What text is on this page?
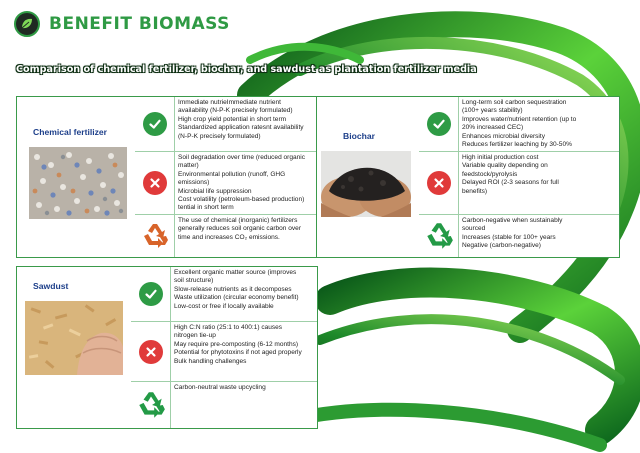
BENEFIT BIOMASS
Comparison of chemical fertilizer, biochar, and sawdust as plantation fertilizer media
Chemical fertilizer
Immediate nutrieImmediate nutrient
availability (N-P-K precisely formulated)
High crop yield potential in short term
Standardized application ratesnt availability
(N-P-K precisely formulated)
Soil degradation over time (reduced organic
matter)
Environmental pollution (runoff, GHG
emissions)
Microbial life suppression
Cost volatility (petroleum-based production)
tential in short term
The use of chemical (inorganic) fertilizers
generally reduces soil organic carbon over
time and increases CO₂ emissions.
Biochar
Long-term soil carbon sequestration
(100+ years stability)
Improves water/nutrient retention (up to
20% increased CEC)
Enhances microbial diversity
Reduces fertilizer leaching by 30-50%
High initial production cost
Variable quality depending on
feedstock/pyrolysis
Delayed ROI (2-3 seasons for full
benefits)
Carbon-negative when sustainably
sourced
Increases (stable for 100+ years
Negative (carbon-negative)
Sawdust
Excellent organic matter source (improves
soil structure)
Slow-release nutrients as it decomposes
Waste utilization (circular economy benefit)
Low-cost or free if locally available
High C:N ratio (25:1 to 400:1) causes
nitrogen tie-up
May require pre-composting (6-12 months)
Potential for phytotoxins if not aged properly
Bulk handling challenges
Carbon-neutral waste upcycling
